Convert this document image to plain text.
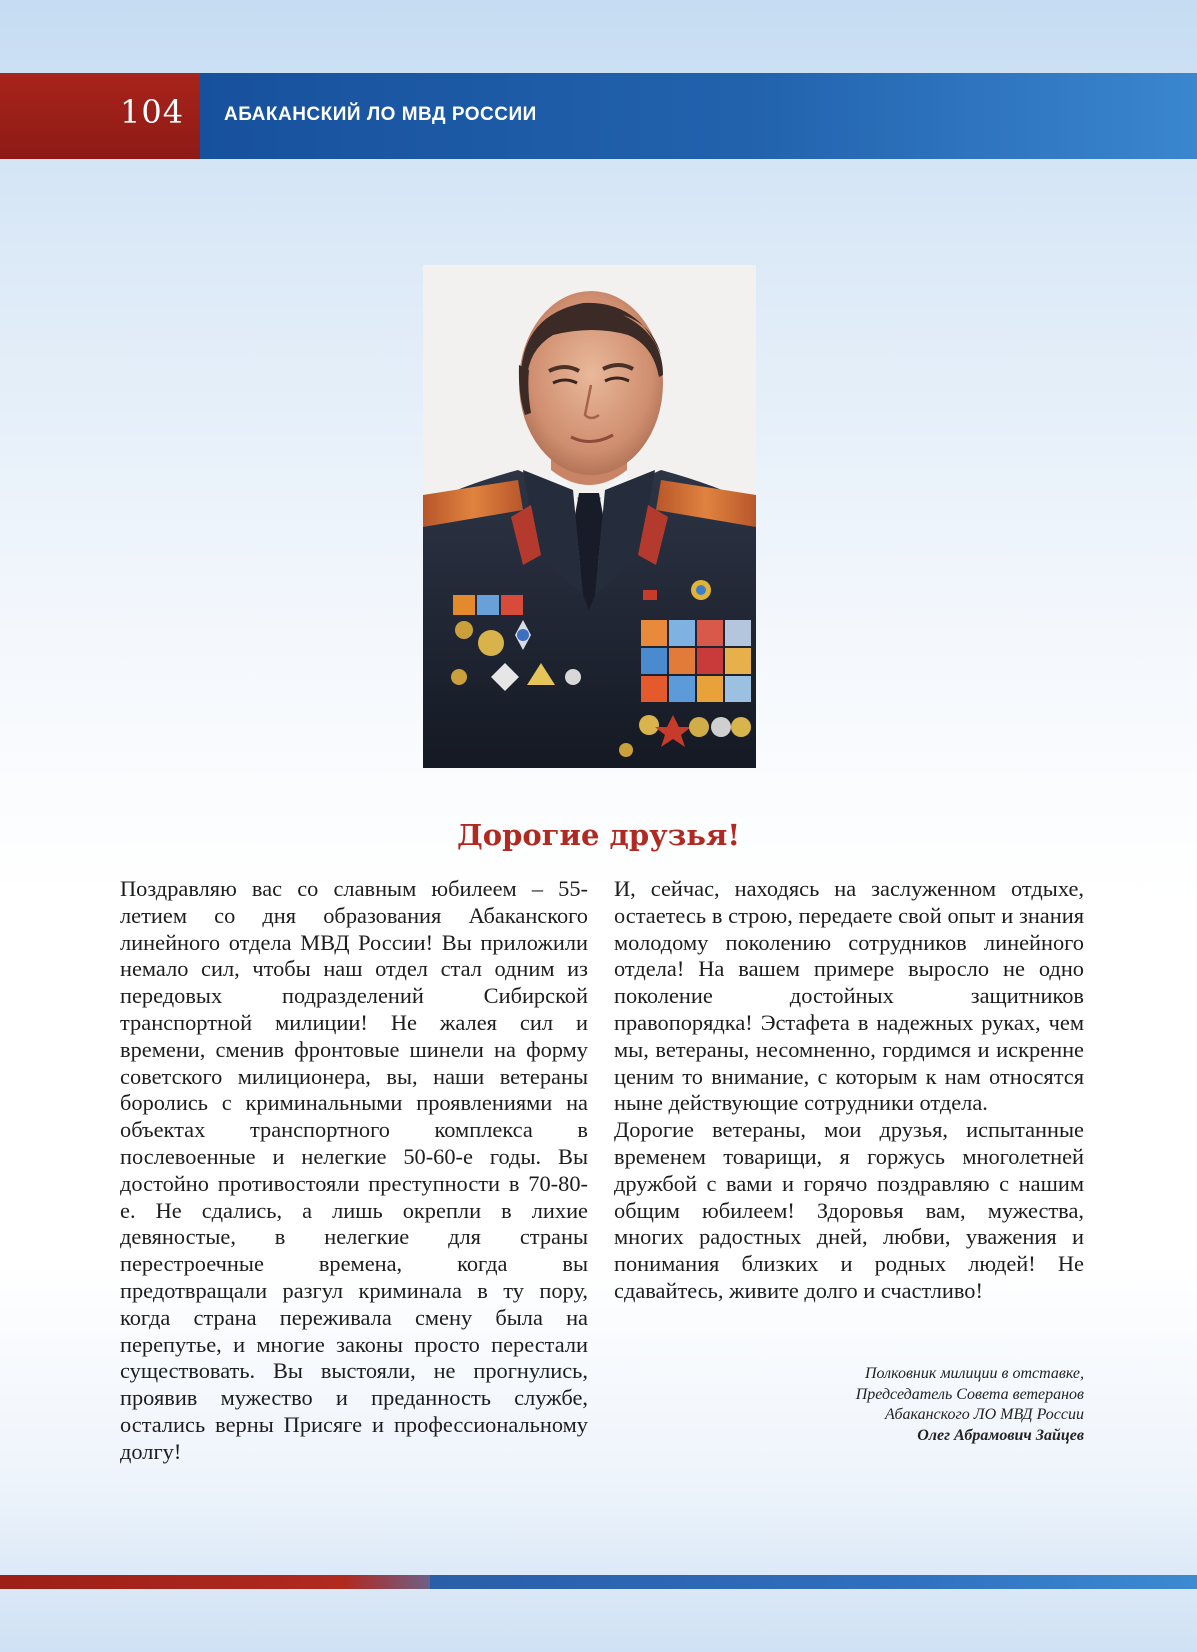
104 АБАКАНСКИЙ ЛО МВД РОССИИ
Дорогие друзья!

Поздравляю вас со славным юбилеем – 55-летием со дня образования Абаканского линейного отдела МВД России! Вы приложили немало сил, чтобы наш отдел стал одним из передовых подразделений Сибирской транспортной милиции! Не жалея сил и времени, сменив фронтовые шинели на форму советского милиционера, вы, наши ветераны боролись с криминальными проявлениями на объектах транспортного комплекса в послевоенные и нелегкие 50-60-е годы. Вы достойно противостояли преступности в 70-80-е. Не сдались, а лишь окрепли в лихие девяностые, в нелегкие для страны перестроечные времена, когда вы предотвращали разгул криминала в ту пору, когда страна переживала смену была на перепутье, и многие законы просто перестали существовать. Вы выстояли, не прогнулись, проявив мужество и преданность службе, остались верны Присяге и профессиональному долгу!

И, сейчас, находясь на заслуженном отдыхе, остаетесь в строю, передаете свой опыт и знания молодому поколению сотрудников линейного отдела! На вашем примере выросло не одно поколение достойных защитников правопорядка! Эстафета в надежных руках, чем мы, ветераны, несомненно, гордимся и искренне ценим то внимание, с которым к нам относятся ныне действующие сотрудники отдела.

Дорогие ветераны, мои друзья, испытанные временем товарищи, я горжусь многолетней дружбой с вами и горячо поздравляю с нашим общим юбилеем! Здоровья вам, мужества, многих радостных дней, любви, уважения и понимания близких и родных людей! Не сдавайтесь, живите долго и счастливо!

Полковник милиции в отставке,
Председатель Совета ветеранов
Абаканского ЛО МВД России
Олег Абрамович Зайцев
